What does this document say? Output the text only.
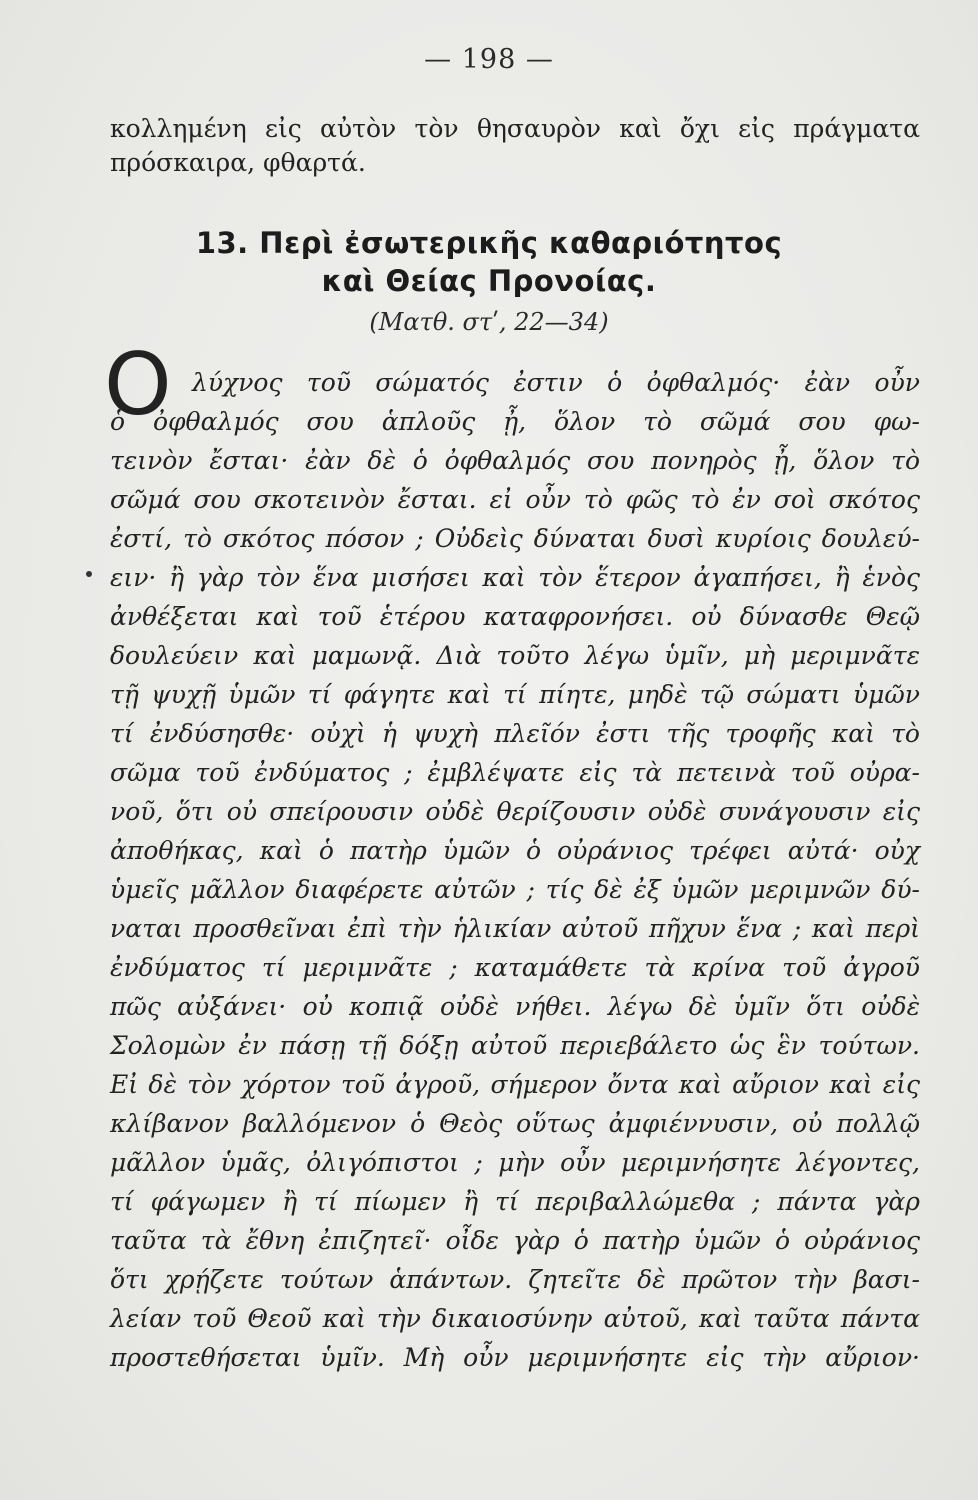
— 198 —
κολλημένη εἰς αὐτὸν τὸν θησαυρὸν καὶ ὄχι εἰς πράγματα
πρόσκαιρα, φθαρτά.
13. Περὶ ἐσωτερικῆς καθαριότητος
καὶ Θείας Προνοίας.
(Ματθ. στʹ, 22—34)
Ο λύχνος τοῦ σώματός ἐστιν ὁ ὀφθαλμός· ἐὰν οὖν
ὁ ὀφθαλμός σου ἁπλοῦς ᾖ, ὅλον τὸ σῶμά σου φω-
τεινὸν ἔσται· ἐὰν δὲ ὁ ὀφθαλμός σου πονηρὸς ᾖ, ὅλον τὸ
σῶμά σου σκοτεινὸν ἔσται. εἰ οὖν τὸ φῶς τὸ ἐν σοὶ σκότος
ἐστί, τὸ σκότος πόσον ; Οὐδεὶς δύναται δυσὶ κυρίοις δουλεύ-
ειν· ἢ γὰρ τὸν ἕνα μισήσει καὶ τὸν ἕτερον ἀγαπήσει, ἢ ἑνὸς
ἀνθέξεται καὶ τοῦ ἑτέρου καταφρονήσει. οὐ δύνασθε Θεῷ
δουλεύειν καὶ μαμωνᾷ. Διὰ τοῦτο λέγω ὑμῖν, μὴ μεριμνᾶτε
τῇ ψυχῇ ὑμῶν τί φάγητε καὶ τί πίητε, μηδὲ τῷ σώματι ὑμῶν
τί ἐνδύσησθε· οὐχὶ ἡ ψυχὴ πλεῖόν ἐστι τῆς τροφῆς καὶ τὸ
σῶμα τοῦ ἐνδύματος ; ἐμβλέψατε εἰς τὰ πετεινὰ τοῦ οὐρα-
νοῦ, ὅτι οὐ σπείρουσιν οὐδὲ θερίζουσιν οὐδὲ συνάγουσιν εἰς
ἀποθήκας, καὶ ὁ πατὴρ ὑμῶν ὁ οὐράνιος τρέφει αὐτά· οὐχ
ὑμεῖς μᾶλλον διαφέρετε αὐτῶν ; τίς δὲ ἐξ ὑμῶν μεριμνῶν δύ-
ναται προσθεῖναι ἐπὶ τὴν ἡλικίαν αὐτοῦ πῆχυν ἕνα ; καὶ περὶ
ἐνδύματος τί μεριμνᾶτε ; καταμάθετε τὰ κρίνα τοῦ ἀγροῦ
πῶς αὐξάνει· οὐ κοπιᾷ οὐδὲ νήθει. λέγω δὲ ὑμῖν ὅτι οὐδὲ
Σολομὼν ἐν πάσῃ τῇ δόξῃ αὐτοῦ περιεβάλετο ὡς ἓν τούτων.
Εἰ δὲ τὸν χόρτον τοῦ ἀγροῦ, σήμερον ὄντα καὶ αὔριον καὶ εἰς
κλίβανον βαλλόμενον ὁ Θεὸς οὕτως ἀμφιέννυσιν, οὐ πολλῷ
μᾶλλον ὑμᾶς, ὀλιγόπιστοι ; μὴν οὖν μεριμνήσητε λέγοντες,
τί φάγωμεν ἢ τί πίωμεν ἢ τί περιβαλλώμεθα ; πάντα γὰρ
ταῦτα τὰ ἔθνη ἐπιζητεῖ· οἶδε γὰρ ὁ πατὴρ ὑμῶν ὁ οὐράνιος
ὅτι χρῄζετε τούτων ἁπάντων. ζητεῖτε δὲ πρῶτον τὴν βασι-
λείαν τοῦ Θεοῦ καὶ τὴν δικαιοσύνην αὐτοῦ, καὶ ταῦτα πάντα
προστεθήσεται ὑμῖν. Μὴ οὖν μεριμνήσητε εἰς τὴν αὔριον·
